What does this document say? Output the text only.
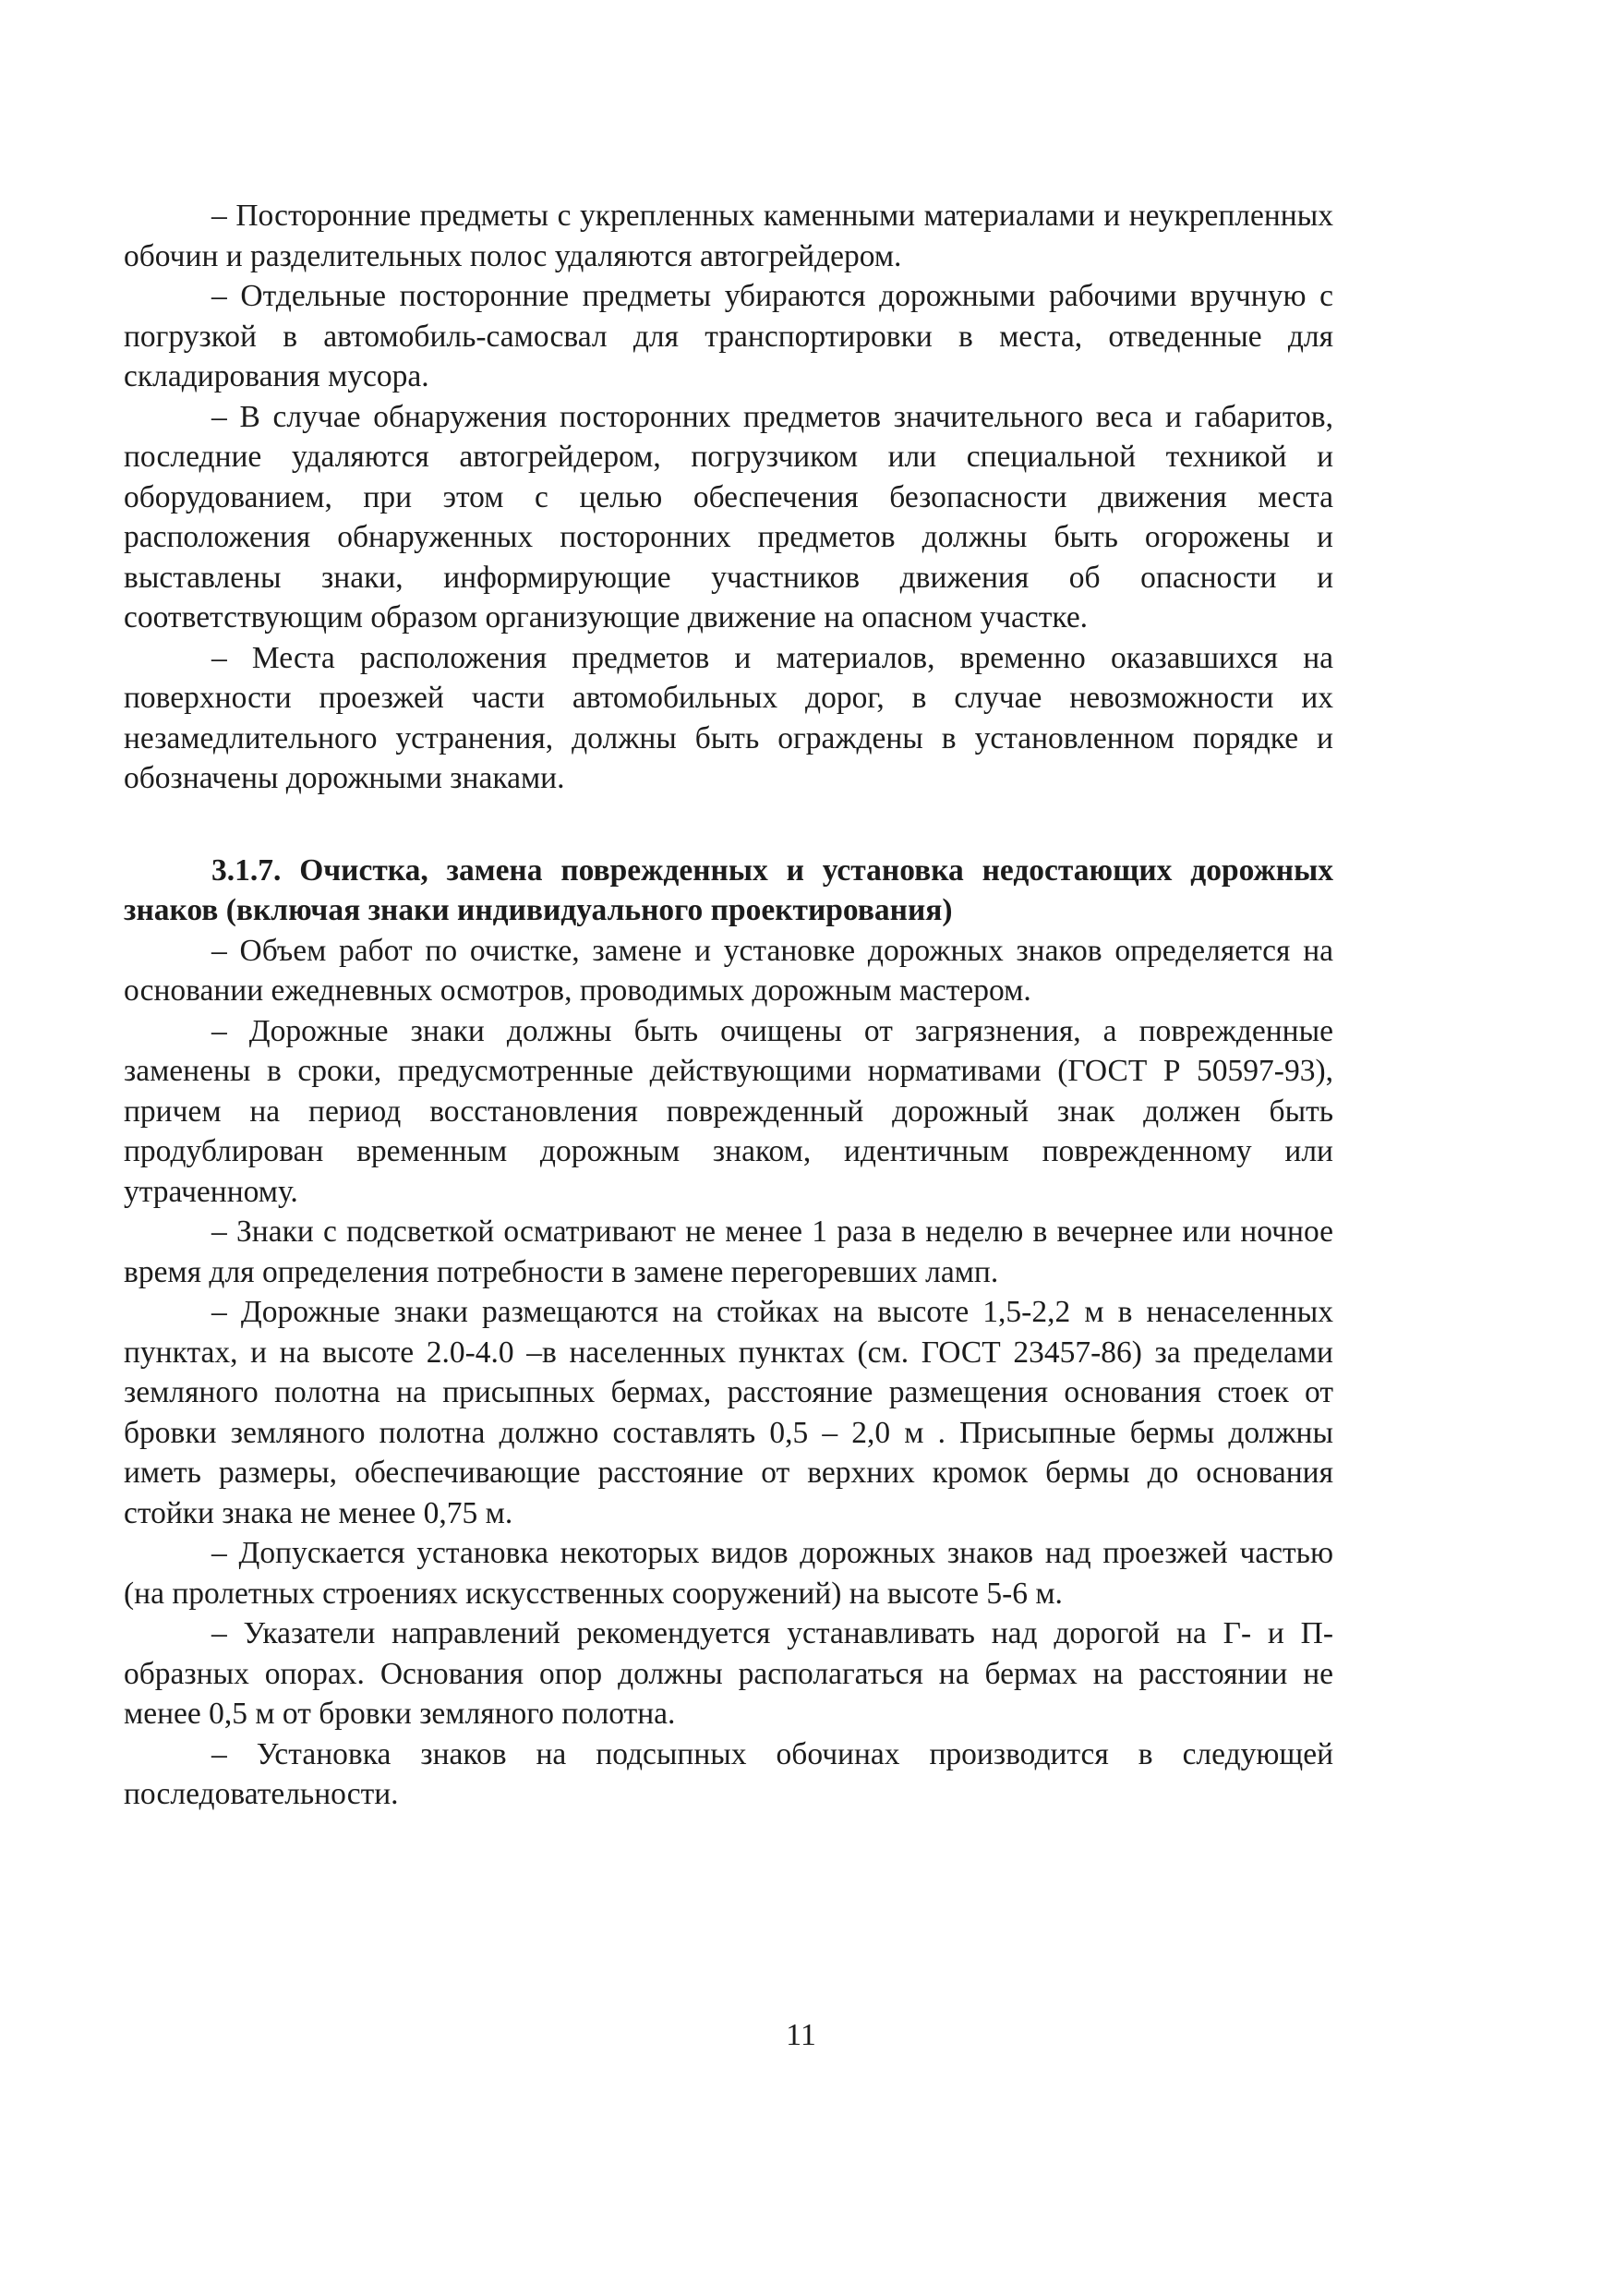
– Посторонние предметы с укрепленных каменными материалами и неукрепленных обочин и разделительных полос удаляются автогрейдером.

– Отдельные посторонние предметы убираются дорожными рабочими вручную с погрузкой в автомобиль-самосвал для транспортировки в места, отведенные для складирования мусора.

– В случае обнаружения посторонних предметов значительного веса и габаритов, последние удаляются автогрейдером, погрузчиком или специальной техникой и оборудованием, при этом с целью обеспечения безопасности движения места расположения обнаруженных посторонних предметов должны быть огорожены и выставлены знаки, информирующие участников движения об опасности и соответствующим образом организующие движение на опасном участке.

– Места расположения предметов и материалов, временно оказавшихся на поверхности проезжей части автомобильных дорог, в случае невозможности их незамедлительного устранения, должны быть ограждены в установленном порядке и обозначены дорожными знаками.

3.1.7. Очистка, замена поврежденных и установка недостающих дорожных знаков (включая знаки индивидуального проектирования)

– Объем работ по очистке, замене и установке дорожных знаков определяется на основании ежедневных осмотров, проводимых дорожным мастером.

– Дорожные знаки должны быть очищены от загрязнения, а поврежденные заменены в сроки, предусмотренные действующими нормативами (ГОСТ Р 50597-93), причем на период восстановления поврежденный дорожный знак должен быть продублирован временным дорожным знаком, идентичным поврежденному или утраченному.

– Знаки с подсветкой осматривают не менее 1 раза в неделю в вечернее или ночное время для определения потребности в замене перегоревших ламп.

– Дорожные знаки размещаются на стойках на высоте 1,5-2,2 м в ненаселенных пунктах, и на высоте 2.0-4.0 –в населенных пунктах (см. ГОСТ 23457-86) за пределами земляного полотна на присыпных бермах, расстояние размещения основания стоек от бровки земляного полотна должно составлять 0,5 – 2,0 м . Присыпные бермы должны иметь размеры, обеспечивающие расстояние от верхних кромок бермы до основания стойки знака не менее 0,75 м.

– Допускается установка некоторых видов дорожных знаков над проезжей частью (на пролетных строениях искусственных сооружений) на высоте 5-6 м.

– Указатели направлений рекомендуется устанавливать над дорогой на Г- и П-образных опорах. Основания опор должны располагаться на бермах на расстоянии не менее 0,5 м от бровки земляного полотна.

– Установка знаков на подсыпных обочинах производится в следующей последовательности.

11
